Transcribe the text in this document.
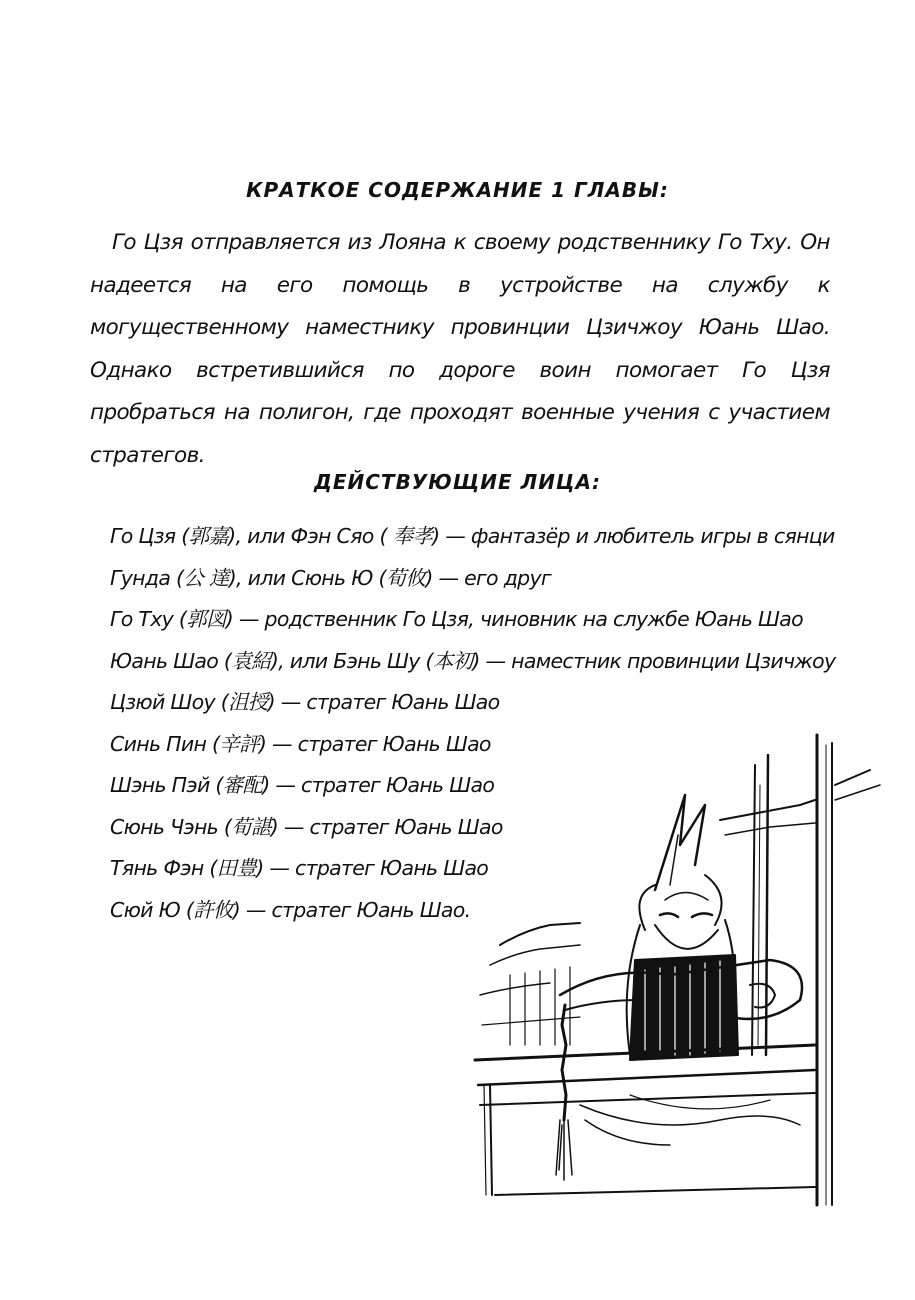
КРАТКОЕ СОДЕРЖАНИЕ 1 ГЛАВЫ:

Го Цзя отправляется из Лояна к своему родственнику Го Тху. Он надеется на его помощь в устройстве на службу к могущественному наместнику провинции Цзичжоу Юань Шао. Однако встретившийся по дороге воин помогает Го Цзя пробраться на полигон, где проходят военные учения с участием стратегов.

ДЕЙСТВУЮЩИЕ ЛИЦА:
Го Цзя (郭嘉), или Фэн Сяо ( 奉孝) — фантазёр и любитель игры в сянци
Гунда (公 達), или Сюнь Ю (荀攸) — его друг
Го Тху (郭図) — родственник Го Цзя, чиновник на службе Юань Шао
Юань Шао (袁紹), или Бэнь Шу (本初) — наместник провинции Цзичжоу
Цзюй Шоу (沮授) — стратег Юань Шао
Синь Пин (辛評) — стратег Юань Шао
Шэнь Пэй (審配) — стратег Юань Шао
Сюнь Чэнь (荀諶) — стратег Юань Шао
Тянь Фэн (田豊) — стратег Юань Шао
Сюй Ю (許攸) — стратег Юань Шао.
